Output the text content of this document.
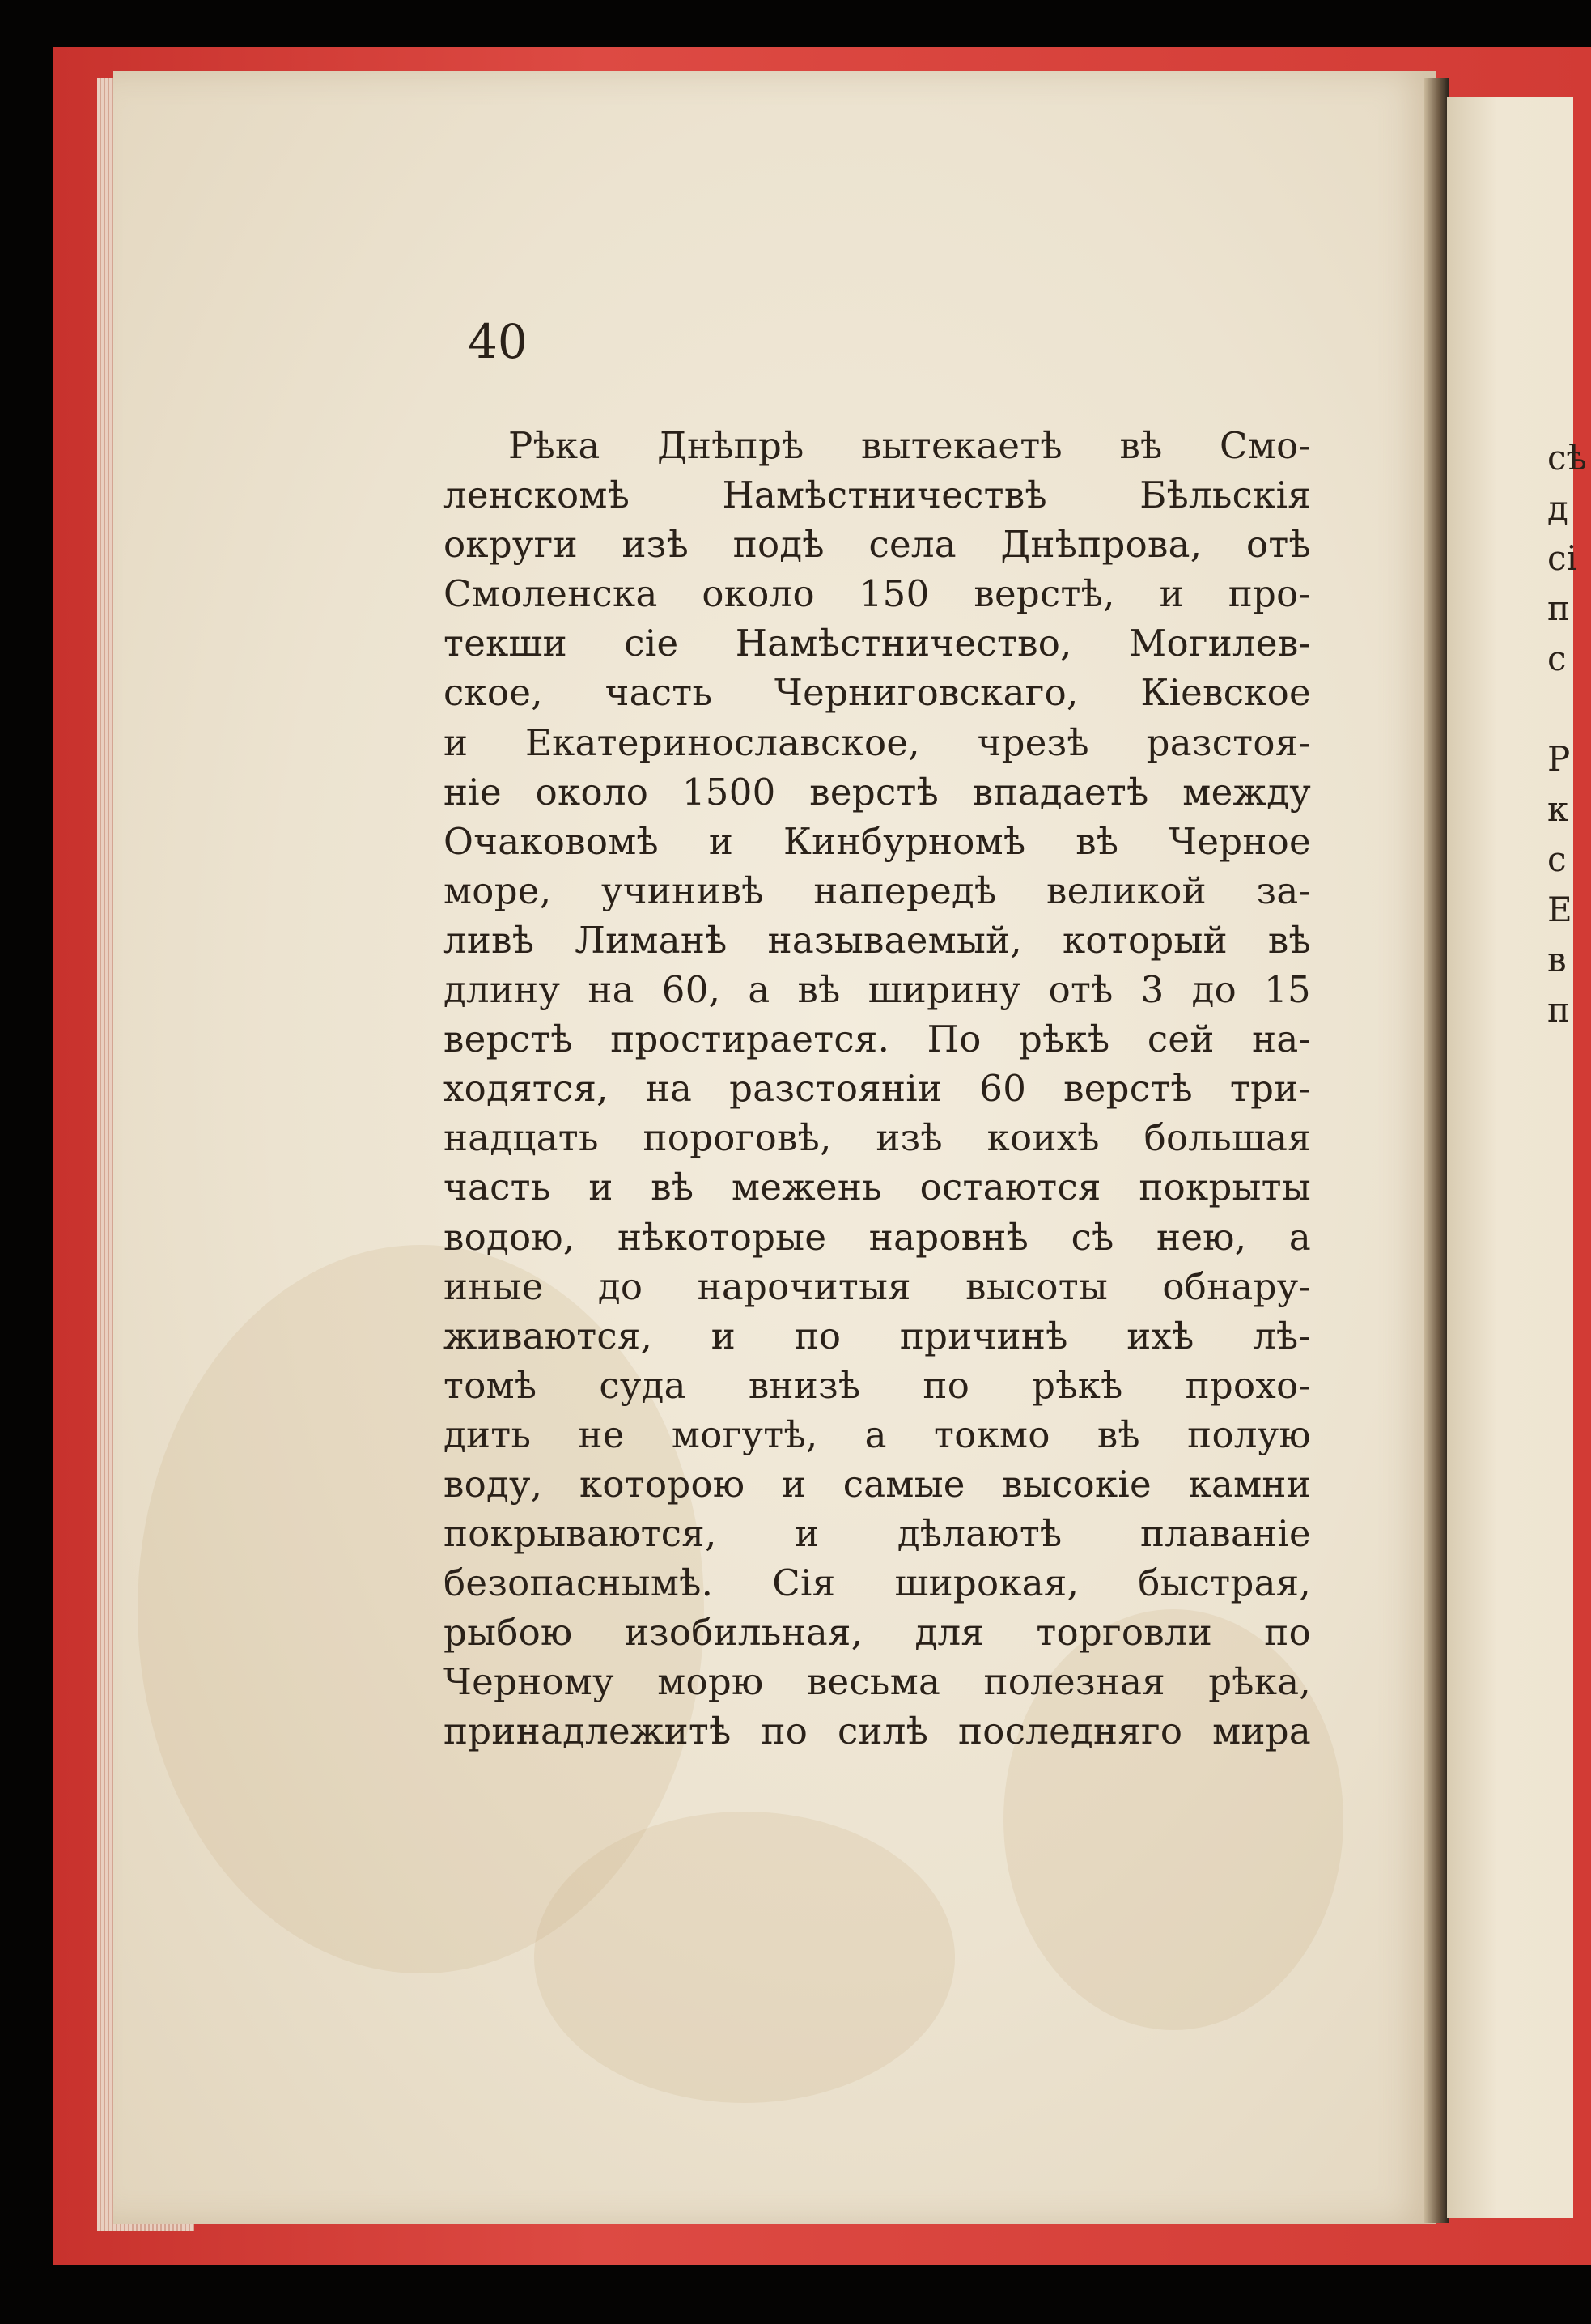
40
Рѣка Днѣпрѣ вытекаетѣ вѣ Смо-
ленскомѣ Намѣстничествѣ Бѣльскія
округи изѣ подѣ села Днѣпрова, отѣ
Смоленска около 150 верстѣ, и про-
текши сіе Намѣстничество, Могилев-
ское, часть Черниговскаго, Кіевское
и Екатеринославское, чрезѣ разстоя-
ніе около 1500 верстѣ впадаетѣ между
Очаковомѣ и Кинбурномѣ вѣ Черное
море, учинивѣ напередѣ великой за-
ливѣ Лиманѣ называемый, который вѣ
длину на 60, а вѣ ширину отѣ 3 до 15
верстѣ простирается. По рѣкѣ сей на-
ходятся, на разстояніи 60 верстѣ три-
надцать пороговѣ, изѣ коихѣ большая
часть и вѣ межень остаются покрыты
водою, нѣкоторые наровнѣ сѣ нею, а
иные до нарочитыя высоты обнару-
живаются, и по причинѣ ихѣ лѣ-
томѣ суда внизѣ по рѣкѣ прохо-
дить не могутѣ, а токмо вѣ полую
воду, которою и самые высокіе камни
покрываются, и дѣлаютѣ плаваніе
безопаснымѣ. Сія широкая, быстрая,
рыбою изобильная, для торговли по
Черному морю весьма полезная рѣка,
принадлежитѣ по силѣ последняго мира
сѣ
д
сі
п
с
Р
к
с
Е
в
п
